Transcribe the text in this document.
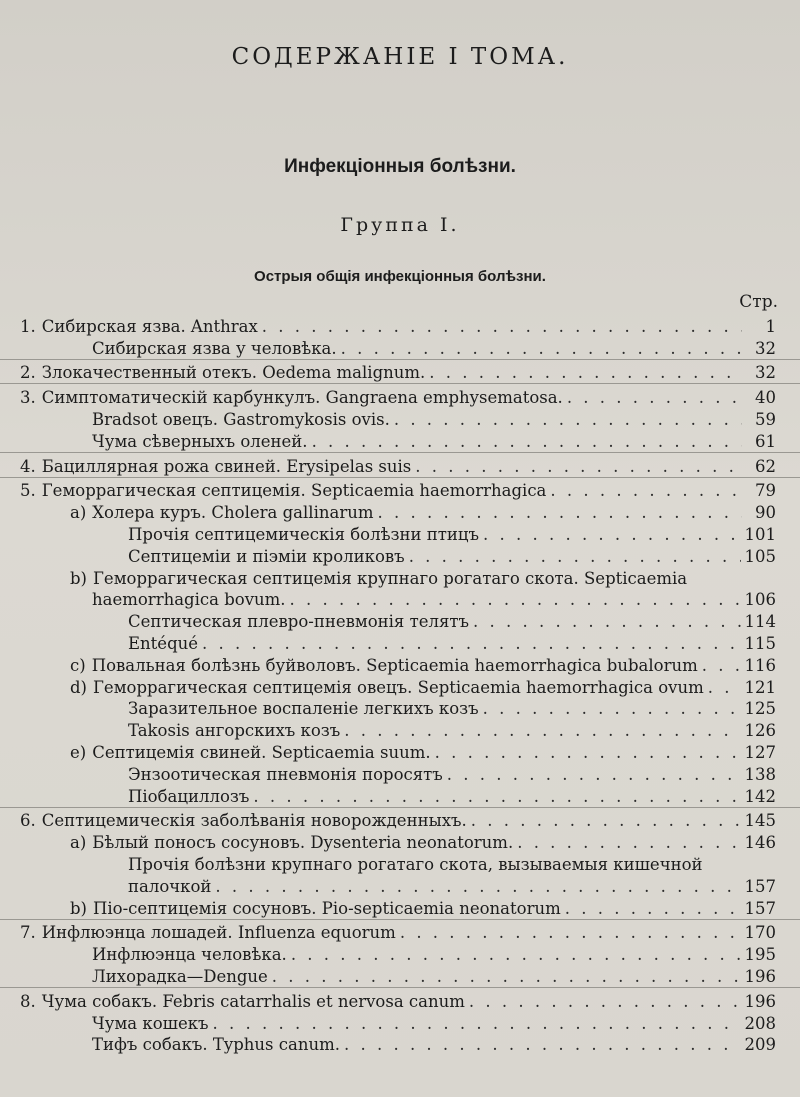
СОДЕРЖАНІЕ I ТОМА.
Инфекціонныя болѣзни.
Группа I.
Острыя общія инфекціонныя болѣзни.
Стр.
1. Сибирская язва. Anthrax . . .	1
Сибирская язва у человѣка. . . .	32
2. Злокачественный отекъ. Oedema malignum. . . .	32
3. Симптоматическій карбункулъ. Gangraena emphysematosa. . . .	40
Bradsot овецъ. Gastromykosis ovis. . . .	59
Чума сѣверныхъ оленей. . . .	61
4. Бациллярная рожа свиней. Erysipelas suis . . .	62
5. Геморрагическая септицемія. Septicaemia haemorrhagica . . .	79
a) Холера куръ. Cholera gallinarum . . .	90
Прочія септицемическія болѣзни птицъ . . .	101
Септицеміи и піэміи кроликовъ . . .	105
b) Геморрагическая септицемія крупнаго рогатаго скота. Septicaemia
haemorrhagica bovum. . . .	106
Септическая плевро-пневмонія телятъ . . .	114
Entéqué . . .	115
c) Повальная болѣзнь буйволовъ. Septicaemia haemorrhagica bubalorum . . .	116
d) Геморрагическая септицемія овецъ. Septicaemia haemorrhagica ovum . . . 121
Заразительное воспаленіе легкихъ козъ . . .	125
Takosis ангорскихъ козъ . . .	126
e) Септицемія свиней. Septicaemia suum. . . .	127
Энзоотическая пневмонія поросятъ . . .	138
Піобациллозъ . . .	142
6. Септицемическія заболѣванія новорожденныхъ. . . .	145
a) Бѣлый поносъ сосуновъ. Dysenteria neonatorum. . . .	146
Прочія болѣзни крупнаго рогатаго скота, вызываемыя кишечной
палочкой . . .	157
b) Піо-септицемія сосуновъ. Pio-septicaemia neonatorum . . .	157
7. Инфлюэнца лошадей. Influenza equorum . . .	170
Инфлюэнца человѣка. . . .	195
Лихорадка—Dengue . . .	196
8. Чума собакъ. Febris catarrhalis et nervosa canum . . .	196
Чума кошекъ . . .	208
Тифъ собакъ. Typhus canum. . . .	209
